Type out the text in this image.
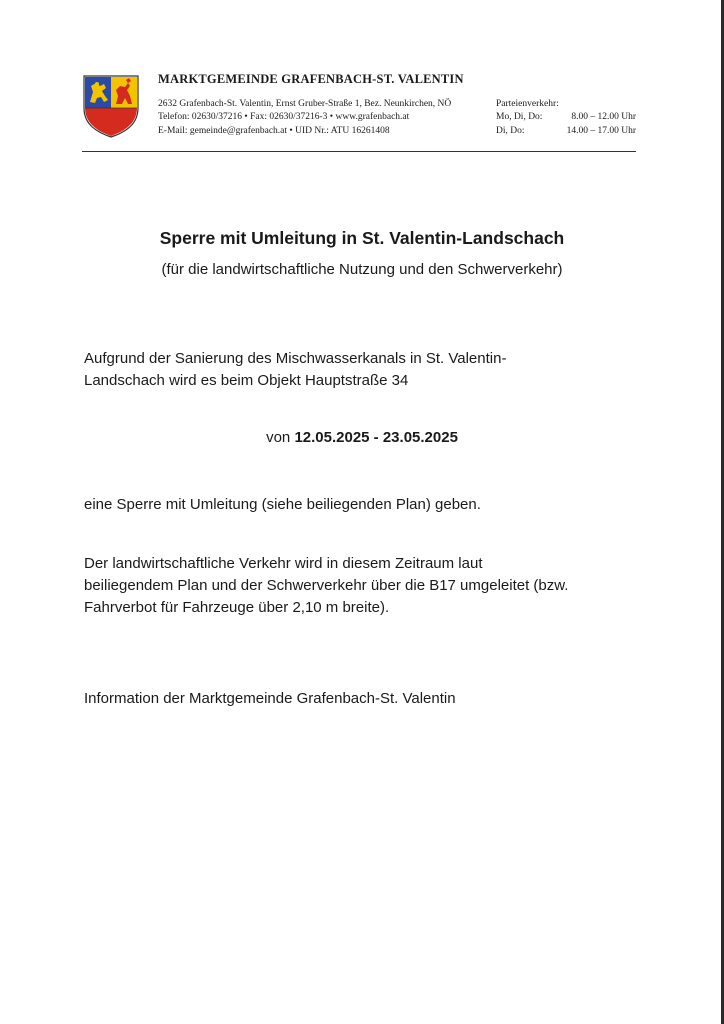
MARKTGEMEINDE GRAFENBACH-ST. VALENTIN
2632 Grafenbach-St. Valentin, Ernst Gruber-Straße 1, Bez. Neunkirchen, NÖ
Telefon: 02630/37216 • Fax: 02630/37216-3 • www.grafenbach.at
E-Mail: gemeinde@grafenbach.at • UID Nr.: ATU 16261408
Parteienverkehr:
Mo, Di, Do:	8.00 – 12.00 Uhr
Di, Do:	14.00 – 17.00 Uhr
Sperre mit Umleitung in St. Valentin-Landschach
(für die landwirtschaftliche Nutzung und den Schwerverkehr)
Aufgrund der Sanierung des Mischwasserkanals in St. Valentin-
Landschach wird es beim Objekt Hauptstraße 34
von 12.05.2025 - 23.05.2025
eine Sperre mit Umleitung (siehe beiliegenden Plan) geben.
Der landwirtschaftliche Verkehr wird in diesem Zeitraum laut
beiliegendem Plan und der Schwerverkehr über die B17 umgeleitet (bzw.
Fahrverbot für Fahrzeuge über 2,10 m breite).
Information der Marktgemeinde Grafenbach-St. Valentin
